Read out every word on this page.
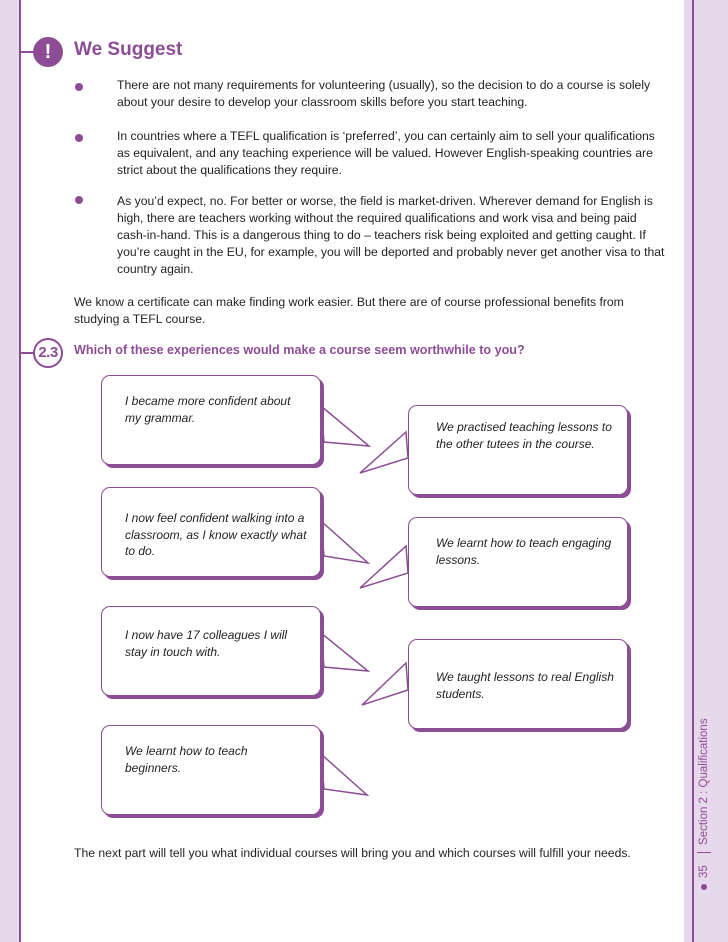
!	We Suggest
There are not many requirements for volunteering (usually), so the decision to do a course is solely about your desire to develop your classroom skills before you start teaching.
In countries where a TEFL qualification is ‘preferred’, you can certainly aim to sell your qualifications as equivalent, and any teaching experience will be valued. However English-speaking countries are strict about the qualifications they require.
As you’d expect, no. For better or worse, the field is market-driven. Wherever demand for English is high, there are teachers working without the required qualifications and work visa and being paid cash-in-hand. This is a dangerous thing to do – teachers risk being exploited and getting caught. If you’re caught in the EU, for example, you will be deported and probably never get another visa to that country again.
We know a certificate can make finding work easier. But there are of course professional benefits from studying a TEFL course.
2.3	Which of these experiences would make a course seem worthwhile to you?
I became more confident about my grammar.
We practised teaching lessons to the other tutees in the course.
I now feel confident walking into a classroom, as I know exactly what to do.
We learnt how to teach engaging lessons.
I now have 17 colleagues I will stay in touch with.
We taught lessons to real English students.
We learnt how to teach beginners.
The next part will tell you what individual courses will bring you and which courses will fulfill your needs.
35 Section 2 : Qualifications
